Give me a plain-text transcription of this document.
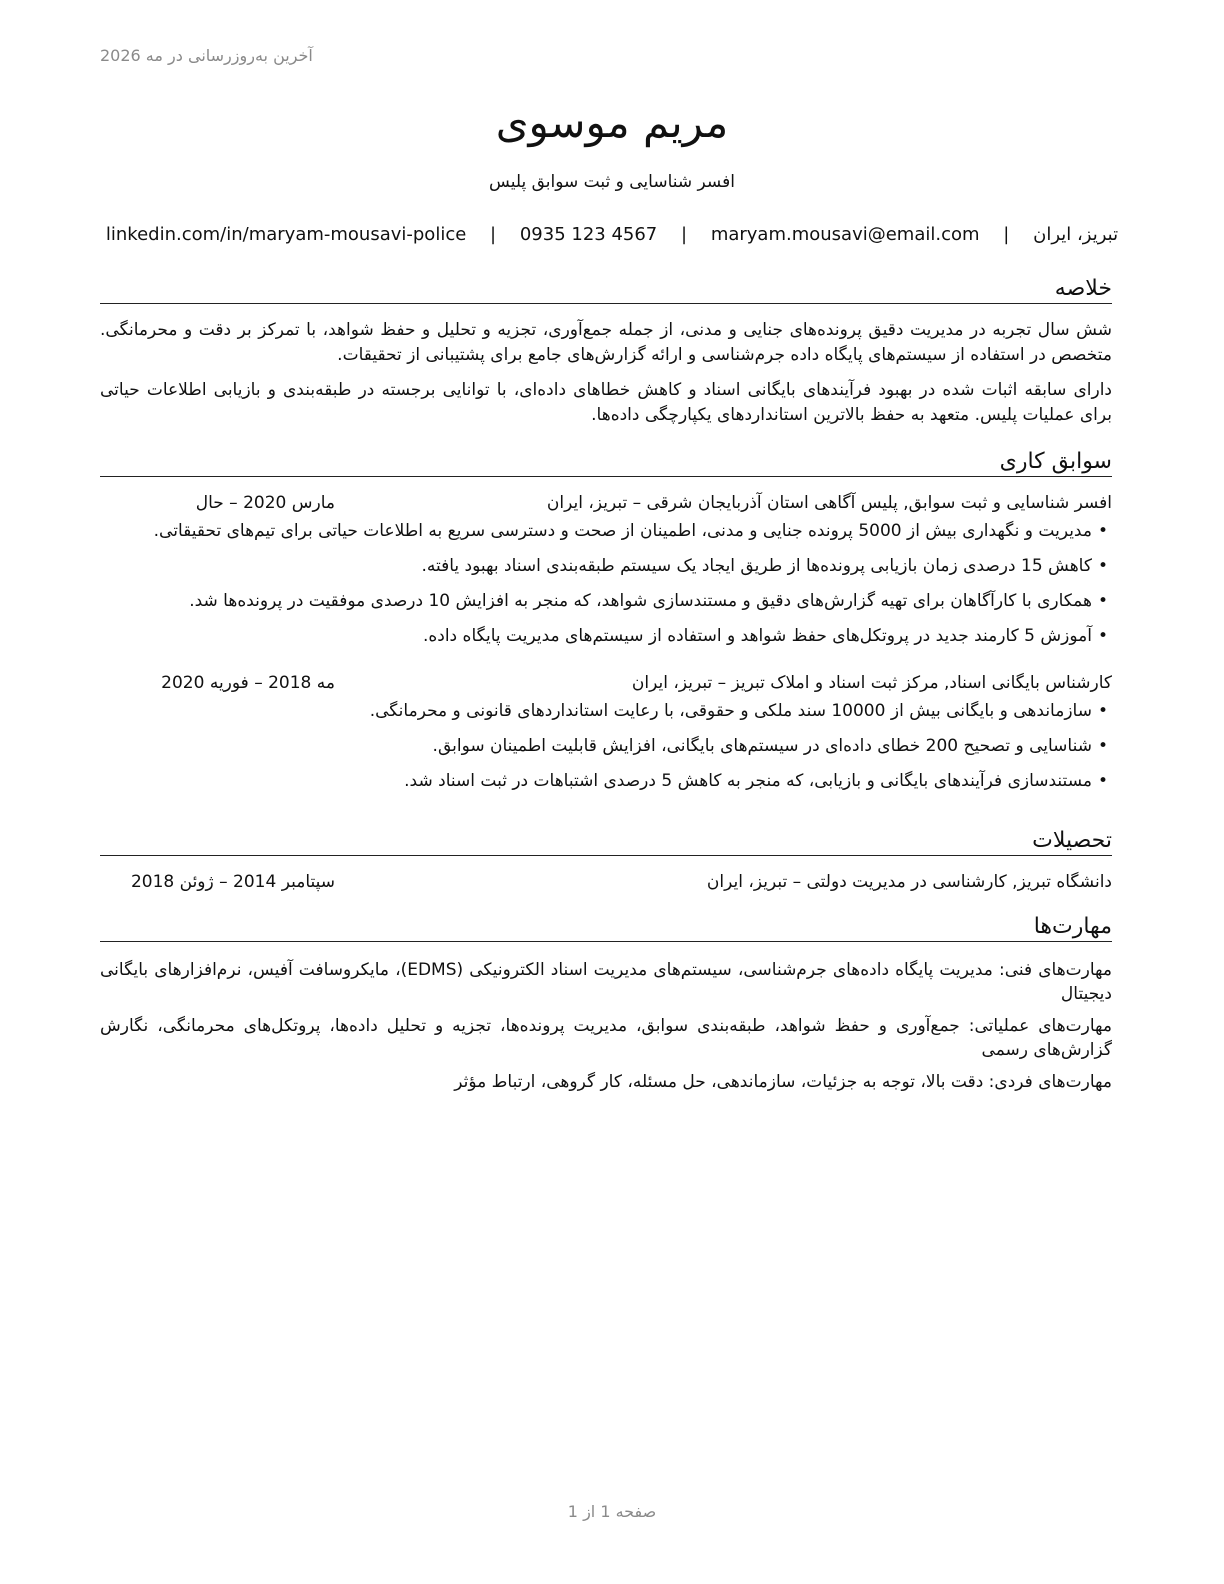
آخرین به‌روزرسانی در مه 2026
مریم موسوی
افسر شناسایی و ثبت سوابق پلیس
تبریز، ایران | maryam.mousavi@email.com | 0935 123 4567 | linkedin.com/in/maryam-mousavi-police
خلاصه

شش سال تجربه در مدیریت دقیق پرونده‌های جنایی و مدنی، از جمله جمع‌آوری، تجزیه و تحلیل و حفظ شواهد، با تمرکز بر دقت و محرمانگی. متخصص در استفاده از سیستم‌های پایگاه داده جرم‌شناسی و ارائه گزارش‌های جامع برای پشتیبانی از تحقیقات.

دارای سابقه اثبات شده در بهبود فرآیندهای بایگانی اسناد و کاهش خطاهای داده‌ای، با توانایی برجسته در طبقه‌بندی و بازیابی اطلاعات حیاتی برای عملیات پلیس. متعهد به حفظ بالاترین استانداردهای یکپارچگی داده‌ها.

سوابق کاری
افسر شناسایی و ثبت سوابق, پلیس آگاهی استان آذربایجان شرقی – تبریز، ایران
مارس 2020 – حال
•مدیریت و نگهداری بیش از 5000 پرونده جنایی و مدنی، اطمینان از صحت و دسترسی سریع به اطلاعات حیاتی برای تیم‌های تحقیقاتی.
•کاهش 15 درصدی زمان بازیابی پرونده‌ها از طریق ایجاد یک سیستم طبقه‌بندی اسناد بهبود یافته.
•همکاری با کارآگاهان برای تهیه گزارش‌های دقیق و مستندسازی شواهد، که منجر به افزایش 10 درصدی موفقیت در پرونده‌ها شد.
•آموزش 5 کارمند جدید در پروتکل‌های حفظ شواهد و استفاده از سیستم‌های مدیریت پایگاه داده.
کارشناس بایگانی اسناد, مرکز ثبت اسناد و املاک تبریز – تبریز، ایران
مه 2018 – فوریه 2020
•سازماندهی و بایگانی بیش از 10000 سند ملکی و حقوقی، با رعایت استانداردهای قانونی و محرمانگی.
•شناسایی و تصحیح 200 خطای داده‌ای در سیستم‌های بایگانی، افزایش قابلیت اطمینان سوابق.
•مستندسازی فرآیندهای بایگانی و بازیابی، که منجر به کاهش 5 درصدی اشتباهات در ثبت اسناد شد.
تحصیلات
دانشگاه تبریز, کارشناسی در مدیریت دولتی – تبریز، ایران
سپتامبر 2014 – ژوئن 2018
مهارت‌ها

مهارت‌های فنی: مدیریت پایگاه داده‌های جرم‌شناسی، سیستم‌های مدیریت اسناد الکترونیکی (EDMS)، مایکروسافت آفیس، نرم‌افزارهای بایگانی دیجیتال

مهارت‌های عملیاتی: جمع‌آوری و حفظ شواهد، طبقه‌بندی سوابق، مدیریت پرونده‌ها، تجزیه و تحلیل داده‌ها، پروتکل‌های محرمانگی، نگارش گزارش‌های رسمی

مهارت‌های فردی: دقت بالا، توجه به جزئیات، سازماندهی، حل مسئله، کار گروهی، ارتباط مؤثر

صفحه 1 از 1
